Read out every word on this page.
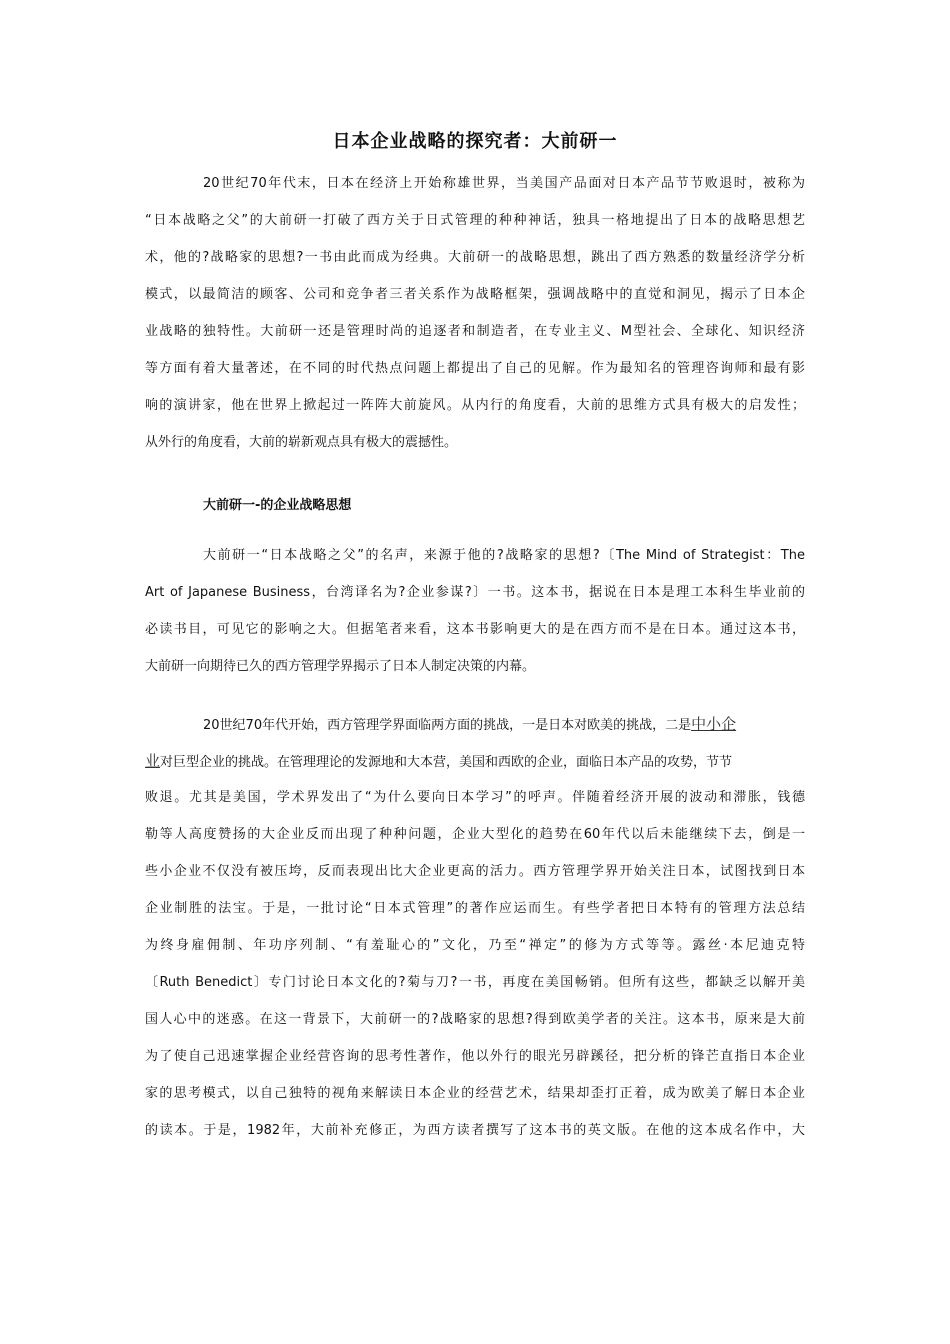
日本企业战略的探究者：大前研一
20世纪70年代末，日本在经济上开始称雄世界，当美国产品面对日本产品节节败退时，被称为
“日本战略之父”的大前研一打破了西方关于日式管理的种种神话，独具一格地提出了日本的战略思想艺
术，他的?战略家的思想?一书由此而成为经典。大前研一的战略思想，跳出了西方熟悉的数量经济学分析
模式，以最简洁的顾客、公司和竞争者三者关系作为战略框架，强调战略中的直觉和洞见，揭示了日本企
业战略的独特性。大前研一还是管理时尚的追逐者和制造者，在专业主义、M型社会、全球化、知识经济
等方面有着大量著述，在不同的时代热点问题上都提出了自己的见解。作为最知名的管理咨询师和最有影
响的演讲家，他在世界上掀起过一阵阵大前旋风。从内行的角度看，大前的思维方式具有极大的启发性；
从外行的角度看，大前的崭新观点具有极大的震撼性。
大前研一-的企业战略思想
大前研一“日本战略之父”的名声，来源于他的?战略家的思想?〔The Mind of Strategist：The
Art of Japanese Business，台湾译名为?企业参谋?〕一书。这本书，据说在日本是理工本科生毕业前的
必读书目，可见它的影响之大。但据笔者来看，这本书影响更大的是在西方而不是在日本。通过这本书，
大前研一向期待已久的西方管理学界揭示了日本人制定决策的内幕。
20世纪70年代开始，西方管理学界面临两方面的挑战，一是日本对欧美的挑战，二是中小企
业对巨型企业的挑战。在管理理论的发源地和大本营，美国和西欧的企业，面临日本产品的攻势，节节
败退。尤其是美国，学术界发出了“为什么要向日本学习”的呼声。伴随着经济开展的波动和滞胀，钱德
勒等人高度赞扬的大企业反而出现了种种问题，企业大型化的趋势在60年代以后未能继续下去，倒是一
些小企业不仅没有被压垮，反而表现出比大企业更高的活力。西方管理学界开始关注日本，试图找到日本
企业制胜的法宝。于是，一批讨论“日本式管理”的著作应运而生。有些学者把日本特有的管理方法总结
为终身雇佣制、年功序列制、“有羞耻心的”文化，乃至“禅定”的修为方式等等。露丝·本尼迪克特
〔Ruth Benedict〕专门讨论日本文化的?菊与刀?一书，再度在美国畅销。但所有这些，都缺乏以解开美
国人心中的迷惑。在这一背景下，大前研一的?战略家的思想?得到欧美学者的关注。这本书，原来是大前
为了使自己迅速掌握企业经营咨询的思考性著作，他以外行的眼光另辟蹊径，把分析的锋芒直指日本企业
家的思考模式，以自己独特的视角来解读日本企业的经营艺术，结果却歪打正着，成为欧美了解日本企业
的读本。于是，1982年，大前补充修正，为西方读者撰写了这本书的英文版。在他的这本成名作中，大
